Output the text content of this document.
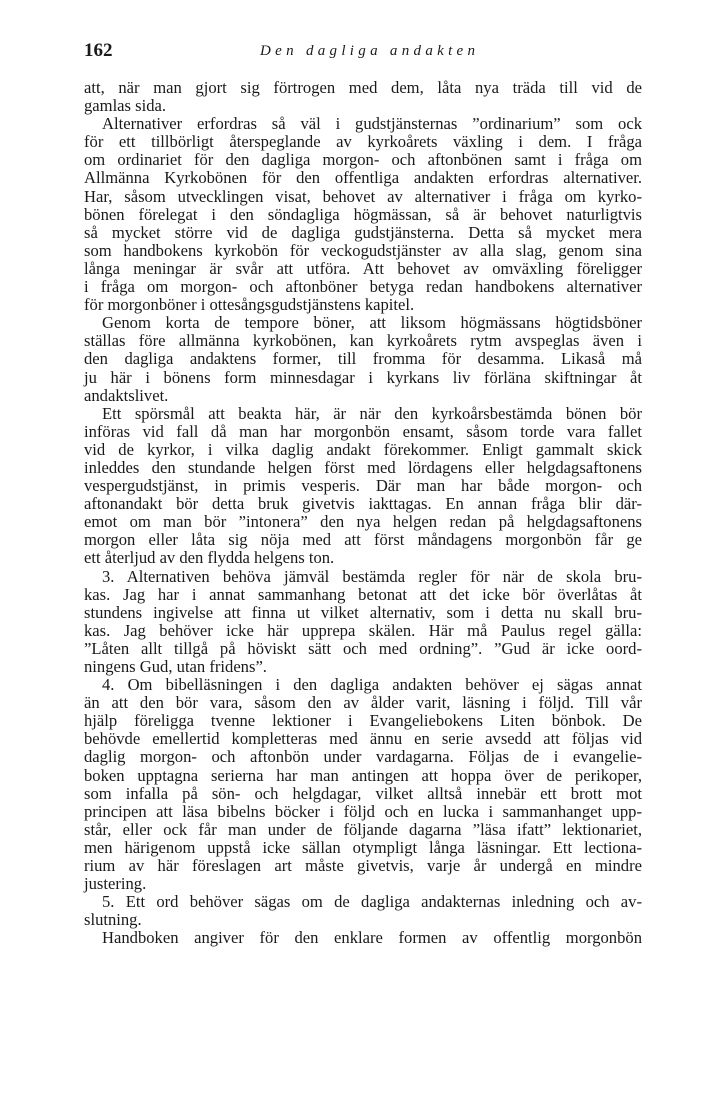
162	Den dagliga andakten
att, när man gjort sig förtrogen med dem, låta nya träda till vid de
gamlas sida.
Alternativer erfordras så väl i gudstjänsternas ”ordinarium” som ock
för ett tillbörligt återspeglande av kyrkoårets växling i dem. I fråga
om ordinariet för den dagliga morgon- och aftonbönen samt i fråga om
Allmänna Kyrkobönen för den offentliga andakten erfordras alternativer.
Har, såsom utvecklingen visat, behovet av alternativer i fråga om kyrko-
bönen förelegat i den söndagliga högmässan, så är behovet naturligtvis
så mycket större vid de dagliga gudstjänsterna. Detta så mycket mera
som handbokens kyrkobön för veckogudstjänster av alla slag, genom sina
långa meningar är svår att utföra. Att behovet av omväxling föreligger
i fråga om morgon- och aftonböner betyga redan handbokens alternativer
för morgonböner i ottesångsgudstjänstens kapitel.
Genom korta de tempore böner, att liksom högmässans högtidsböner
ställas före allmänna kyrkobönen, kan kyrkoårets rytm avspeglas även i
den dagliga andaktens former, till fromma för desamma. Likaså må
ju här i bönens form minnesdagar i kyrkans liv förläna skiftningar åt
andaktslivet.
Ett spörsmål att beakta här, är när den kyrkoårsbestämda bönen bör
införas vid fall då man har morgonbön ensamt, såsom torde vara fallet
vid de kyrkor, i vilka daglig andakt förekommer. Enligt gammalt skick
inleddes den stundande helgen först med lördagens eller helgdagsaftonens
vespergudstjänst, in primis vesperis. Där man har både morgon- och
aftonandakt bör detta bruk givetvis iakttagas. En annan fråga blir där-
emot om man bör ”intonera” den nya helgen redan på helgdagsaftonens
morgon eller låta sig nöja med att först måndagens morgonbön får ge
ett återljud av den flydda helgens ton.
3. Alternativen behöva jämväl bestämda regler för när de skola bru-
kas. Jag har i annat sammanhang betonat att det icke bör överlåtas åt
stundens ingivelse att finna ut vilket alternativ, som i detta nu skall bru-
kas. Jag behöver icke här upprepa skälen. Här må Paulus regel gälla:
”Låten allt tillgå på höviskt sätt och med ordning”. ”Gud är icke oord-
ningens Gud, utan fridens”.
4. Om bibelläsningen i den dagliga andakten behöver ej sägas annat
än att den bör vara, såsom den av ålder varit, läsning i följd. Till vår
hjälp föreligga tvenne lektioner i Evangeliebokens Liten bönbok. De
behövde emellertid kompletteras med ännu en serie avsedd att följas vid
daglig morgon- och aftonbön under vardagarna. Följas de i evangelie-
boken upptagna serierna har man antingen att hoppa över de perikoper,
som infalla på sön- och helgdagar, vilket alltså innebär ett brott mot
principen att läsa bibelns böcker i följd och en lucka i sammanhanget upp-
står, eller ock får man under de följande dagarna ”läsa ifatt” lektionariet,
men härigenom uppstå icke sällan otympligt långa läsningar. Ett lectiona-
rium av här föreslagen art måste givetvis, varje år undergå en mindre
justering.
5. Ett ord behöver sägas om de dagliga andakternas inledning och av-
slutning.
Handboken angiver för den enklare formen av offentlig morgonbön
